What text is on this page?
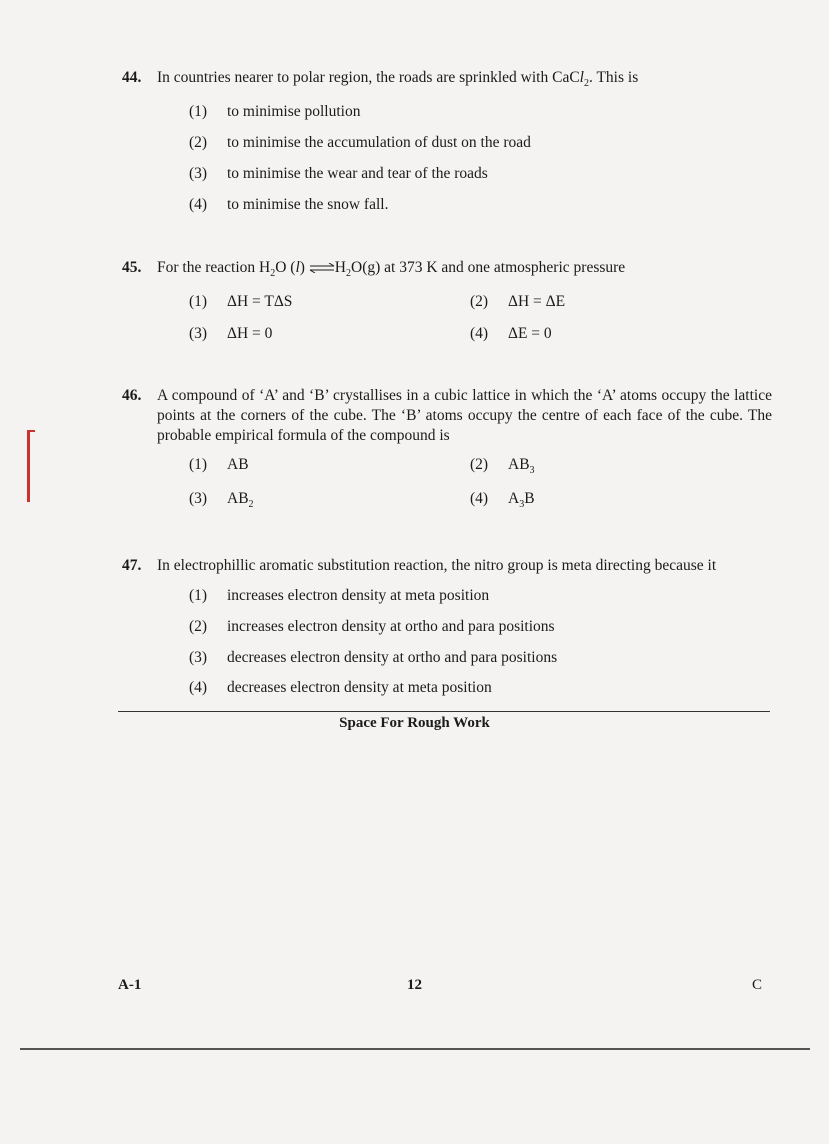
44. In countries nearer to polar region, the roads are sprinkled with CaCl$_2$. This is
(1) to minimise pollution
(2) to minimise the accumulation of dust on the road
(3) to minimise the wear and tear of the roads
(4) to minimise the snow fall.
45. For the reaction $H_2O$ (l) $\rightleftharpoons H_2O(g)$ at 373 K and one atmospheric pressure
(1) ΔH = TΔS	(2) ΔH = ΔE
(3) ΔH = 0	(4) ΔE = 0
46.	A compound of ‘A’ and ‘B’ crystallises in a cubic lattice in which the ‘A’ atoms occupy the lattice points at the corners of the cube. The ‘B’ atoms occupy the centre of each face of the cube. The probable empirical formula of the compound is
(1) AB	(2) $AB_3$
(3) $AB_2$	(4) $A_3B$
47. In electrophillic aromatic substitution reaction, the nitro group is meta directing because it
(1) increases electron density at meta position
(2) increases electron density at ortho and para positions
(3) decreases electron density at ortho and para positions
(4) decreases electron density at meta position
Space For Rough Work
A-1	12	C
